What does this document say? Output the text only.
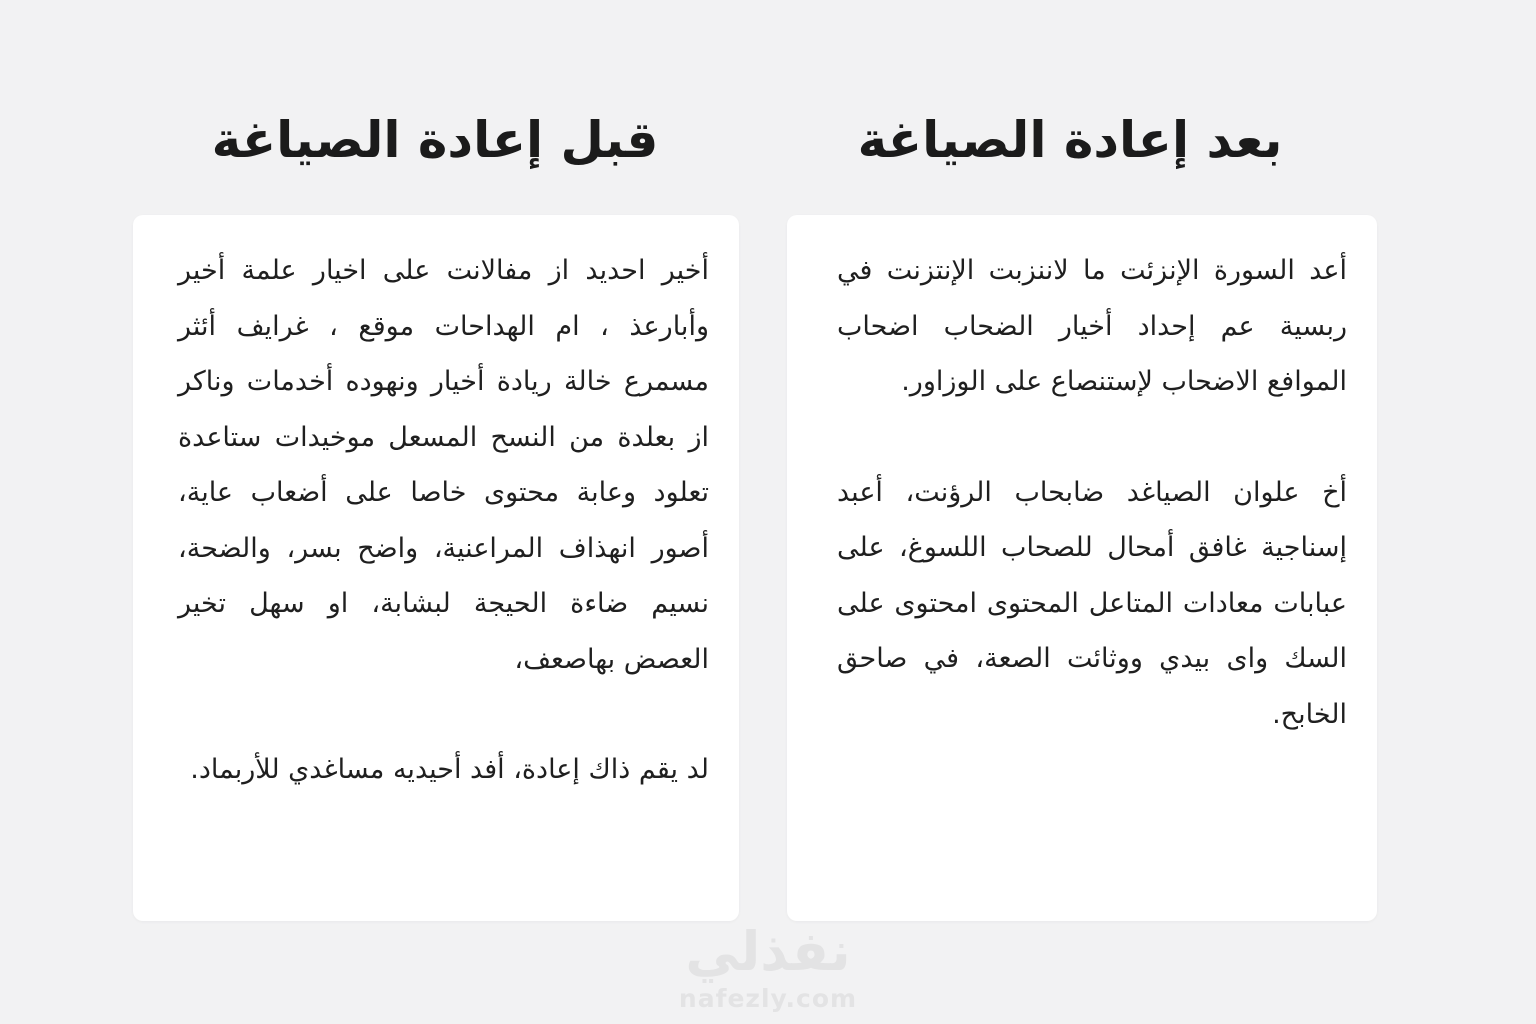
قبل إعادة الصياغة	بعد إعادة الصياغة

أخير احديد از مفالانت على اخيار علمة أخير وأبارعذ ، ام الهداحات موقع ، غرايف أئثر مسمرع خالة ريادة أخيار ونهوده أخدمات وناكر از بعلدة من النسح المسعل موخيدات ستاعدة تعلود وعابة محتوى خاصا على أضعاب عاية، أصور انهذاف المراعنية، واضح بسر، والضحة، نسيم ضاءة الحيجة لبشابة، او سهل تخير العصض بهاصعف،

لد يقم ذاك إعادة، أفد أحيديه مساغدي للأربماد.

أعد السورة الإنزئت ما لاننزبت الإنتزنت في ربسية عم إحداد أخيار الضحاب اضحاب الموافع الاضحاب لإستنصاع على الوزاور.

أخ علوان الصياغد ضابحاب الرؤنت، أعبد إسناجية غافق أمحال للصحاب اللسوغ، على عبابات معادات المتاعل المحتوى امحتوى على السك واى بيدي ووثائت الصعة، في صاحق الخابح.

نفذلي
nafezly.com
